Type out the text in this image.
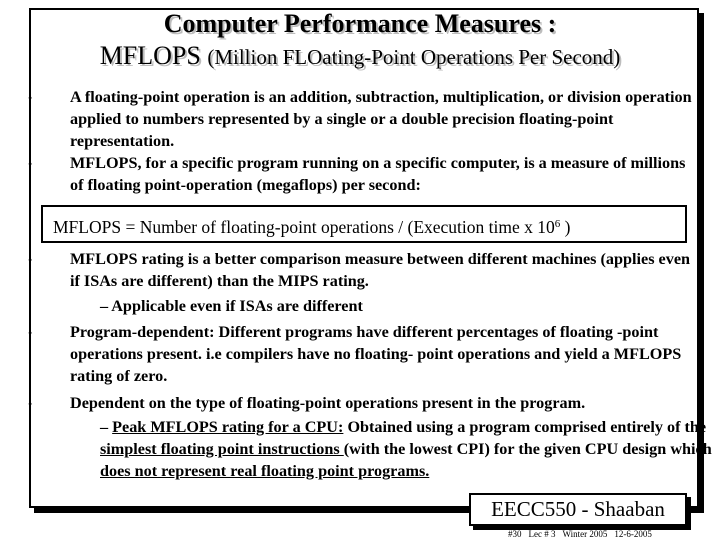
Computer Performance Measures :
MFLOPS (Million FLOating-Point Operations Per Second)
• A floating-point operation is an addition, subtraction, multiplication, or division operation applied to numbers represented by a single or a double precision floating-point representation.
• MFLOPS, for a specific program running on a specific computer, is a measure of millions of floating point-operation (megaflops) per second:
MFLOPS = Number of floating-point operations / (Execution time x $10^6$ )
• MFLOPS rating is a better comparison measure between different machines (applies even if ISAs are different) than the MIPS rating.
– Applicable even if ISAs are different
• Program-dependent: Different programs have different percentages of floating -point operations present. i.e compilers have no floating- point operations and yield a MFLOPS rating of zero.
• Dependent on the type of floating-point operations present in the program.
– Peak MFLOPS rating for a CPU: Obtained using a program comprised entirely of the simplest floating point instructions (with the lowest CPI) for the given CPU design which does not represent real floating point programs.
EECC550 - Shaaban
#30 Lec # 3 Winter 2005 12-6-2005
